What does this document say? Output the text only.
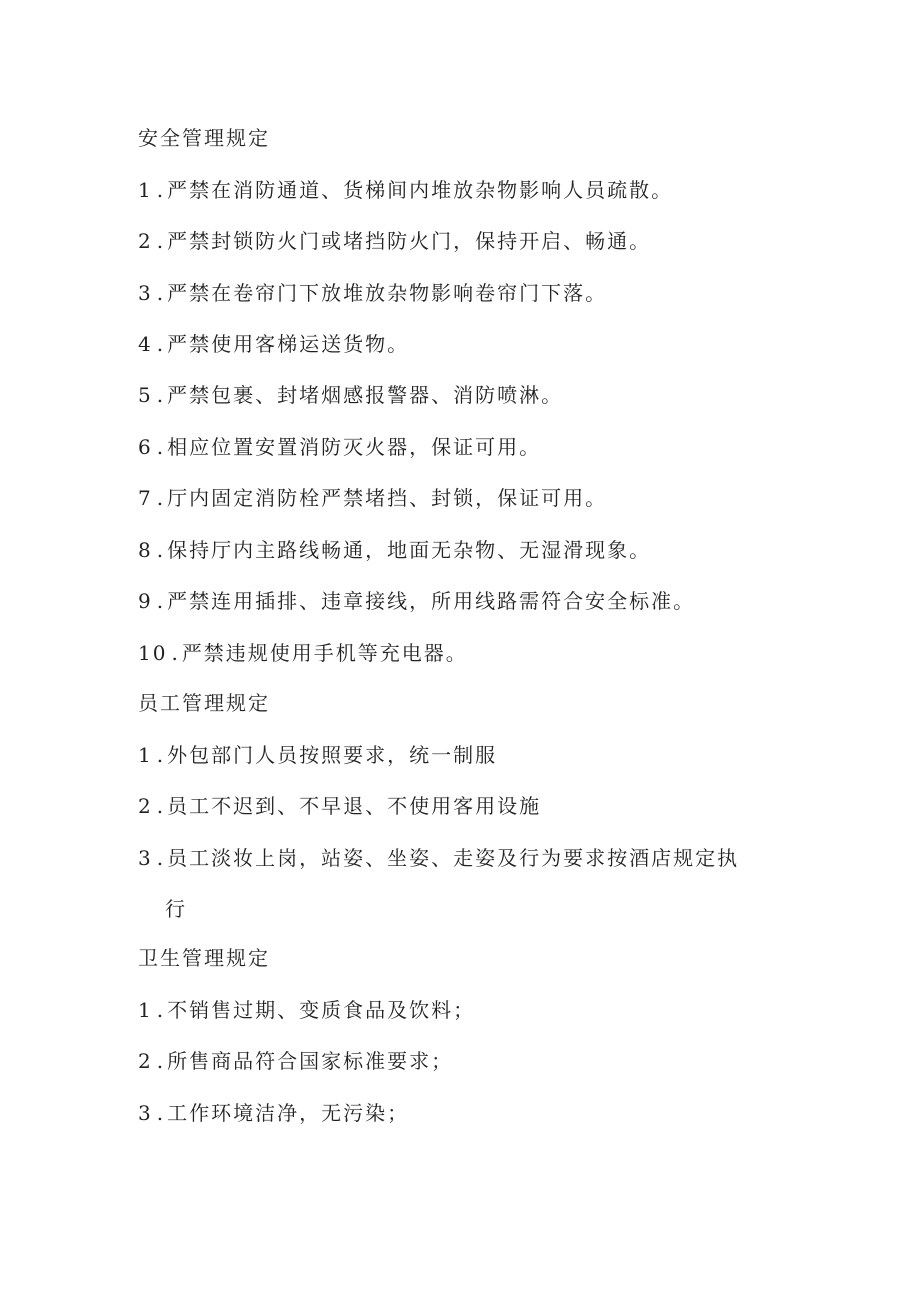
安全管理规定
1 . 严禁在消防通道、货梯间内堆放杂物影响人员疏散。
2 . 严禁封锁防火门或堵挡防火门，保持开启、畅通。
3 . 严禁在卷帘门下放堆放杂物影响卷帘门下落。
4 . 严禁使用客梯运送货物。
5 . 严禁包裹、封堵烟感报警器、消防喷淋。
6 . 相应位置安置消防灭火器，保证可用。
7 . 厅内固定消防栓严禁堵挡、封锁，保证可用。
8 . 保持厅内主路线畅通，地面无杂物、无湿滑现象。
9 . 严禁连用插排、违章接线，所用线路需符合安全标准。
10 . 严禁违规使用手机等充电器。
员工管理规定
1 . 外包部门人员按照要求，统一制服
2 . 员工不迟到、不早退、不使用客用设施
3 . 员工淡妆上岗，站姿、坐姿、走姿及行为要求按酒店规定执
行
卫生管理规定
1 . 不销售过期、变质食品及饮料；
2 . 所售商品符合国家标准要求；
3 . 工作环境洁净，无污染；
